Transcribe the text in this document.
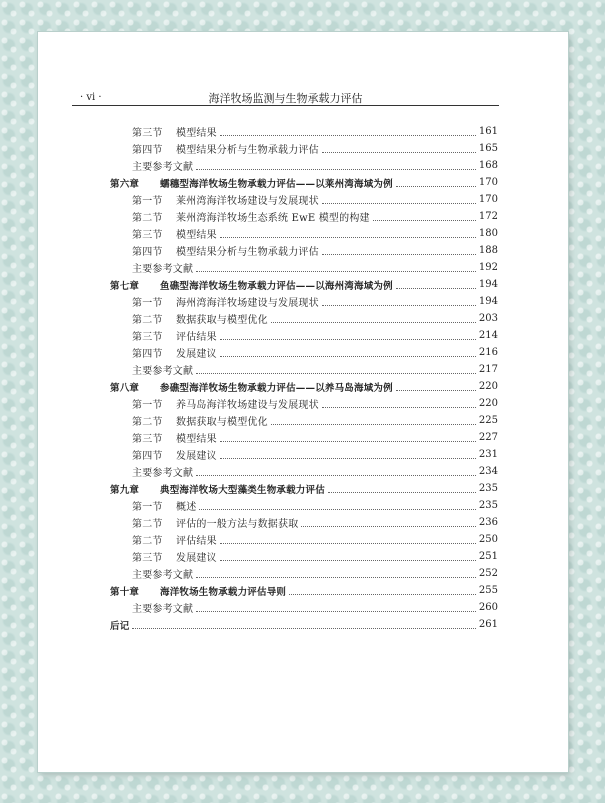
· vi ·	海洋牧场监测与生物承载力评估
第三节 模型结果	161
第四节 模型结果分析与生物承载力评估	165
主要参考文献	168
第六章 蠕穗型海洋牧场生物承载力评估——以莱州湾海域为例	170
第一节 莱州湾海洋牧场建设与发展现状	170
第二节 莱州湾海洋牧场生态系统 EwE 模型的构建	172
第三节 模型结果	180
第四节 模型结果分析与生物承载力评估	188
主要参考文献	192
第七章 鱼礁型海洋牧场生物承载力评估——以海州湾海域为例	194
第一节 海州湾海洋牧场建设与发展现状	194
第二节 数据获取与模型优化	203
第三节 评估结果	214
第四节 发展建议	216
主要参考文献	217
第八章 参礁型海洋牧场生物承载力评估——以养马岛海域为例	220
第一节 养马岛海洋牧场建设与发展现状	220
第二节 数据获取与模型优化	225
第三节 模型结果	227
第四节 发展建议	231
主要参考文献	234
第九章 典型海洋牧场大型藻类生物承载力评估	235
第一节 概述	235
第二节 评估的一般方法与数据获取	236
第二节 评估结果	250
第三节 发展建议	251
主要参考文献	252
第十章 海洋牧场生物承载力评估导则	255
主要参考文献	260
后记	261
